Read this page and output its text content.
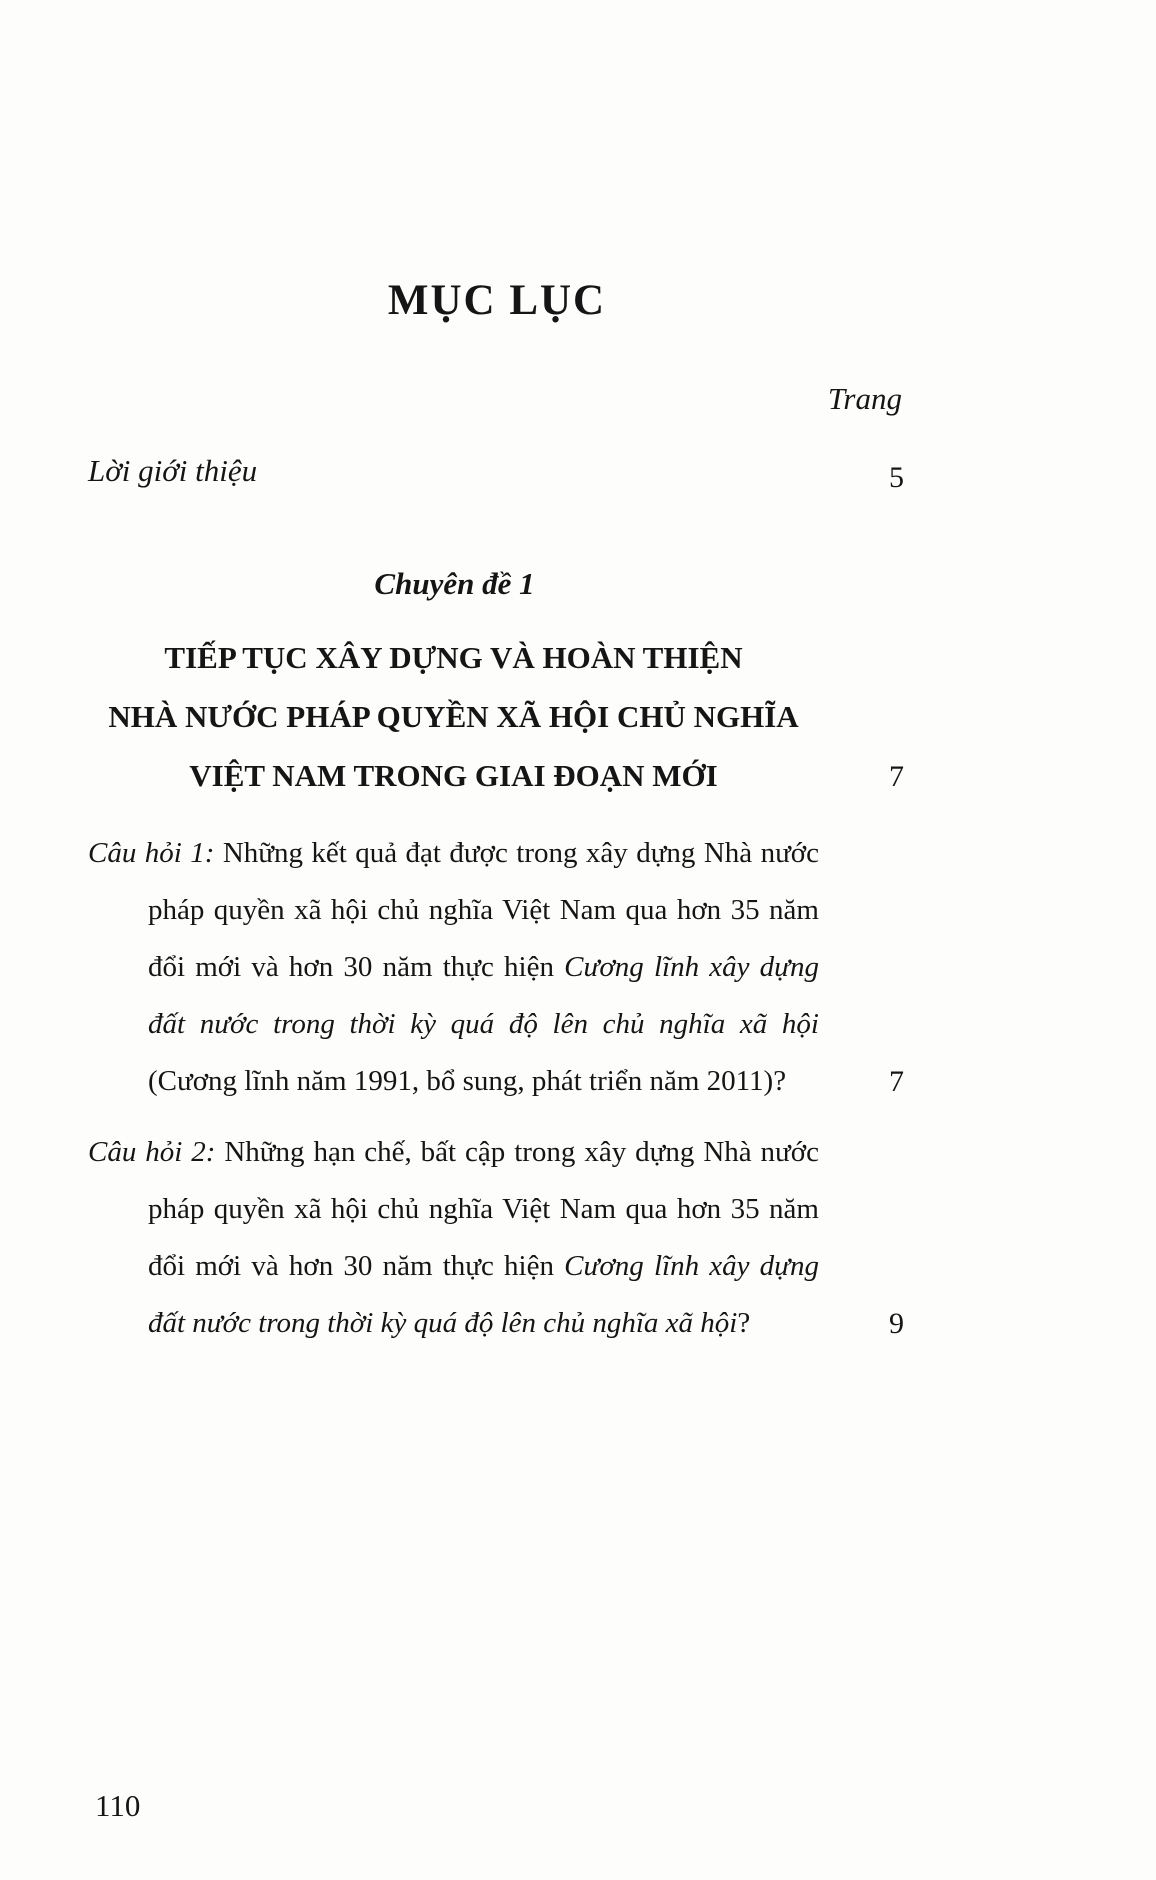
MỤC LỤC
Trang
Lời giới thiệu	5
Chuyên đề 1
TIẾP TỤC XÂY DỰNG VÀ HOÀN THIỆN
NHÀ NƯỚC PHÁP QUYỀN XÃ HỘI CHỦ NGHĨA
VIỆT NAM TRONG GIAI ĐOẠN MỚI	7
Câu hỏi 1: Những kết quả đạt được trong xây dựng Nhà nước pháp quyền xã hội chủ nghĩa Việt Nam qua hơn 35 năm đổi mới và hơn 30 năm thực hiện Cương lĩnh xây dựng đất nước trong thời kỳ quá độ lên chủ nghĩa xã hội (Cương lĩnh năm 1991, bổ sung, phát triển năm 2011)?	7
Câu hỏi 2: Những hạn chế, bất cập trong xây dựng Nhà nước pháp quyền xã hội chủ nghĩa Việt Nam qua hơn 35 năm đổi mới và hơn 30 năm thực hiện Cương lĩnh xây dựng đất nước trong thời kỳ quá độ lên chủ nghĩa xã hội?	9
110
